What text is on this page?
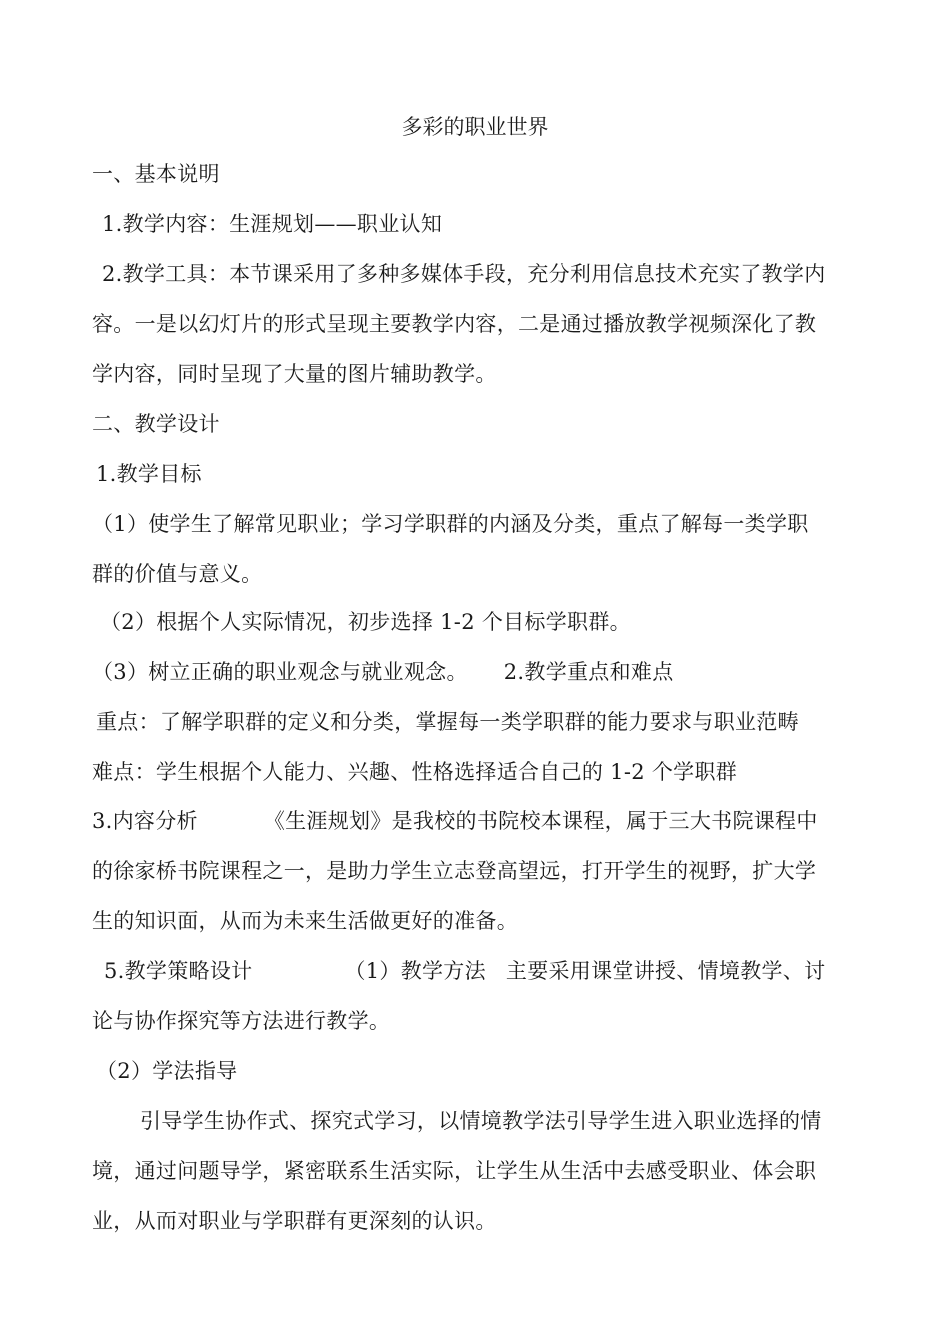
多彩的职业世界
一、基本说明
1.教学内容：生涯规划——职业认知
2.教学工具：本节课采用了多种多媒体手段，充分利用信息技术充实了教学内
容。一是以幻灯片的形式呈现主要教学内容，二是通过播放教学视频深化了教
学内容，同时呈现了大量的图片辅助教学。
二、教学设计
1.教学目标
（1）使学生了解常见职业；学习学职群的内涵及分类，重点了解每一类学职
群的价值与意义。
（2）根据个人实际情况，初步选择 1-2 个目标学职群。
（3）树立正确的职业观念与就业观念。 2.教学重点和难点
重点：了解学职群的定义和分类，掌握每一类学职群的能力要求与职业范畴
难点：学生根据个人能力、兴趣、性格选择适合自己的 1-2 个学职群
3.内容分析	《生涯规划》是我校的书院校本课程，属于三大书院课程中
的徐家桥书院课程之一，是助力学生立志登高望远，打开学生的视野，扩大学
生的知识面，从而为未来生活做更好的准备。
5.教学策略设计	（1）教学方法 主要采用课堂讲授、情境教学、讨
论与协作探究等方法进行教学。
（2）学法指导
引导学生协作式、探究式学习，以情境教学法引导学生进入职业选择的情
境，通过问题导学，紧密联系生活实际，让学生从生活中去感受职业、体会职
业，从而对职业与学职群有更深刻的认识。
